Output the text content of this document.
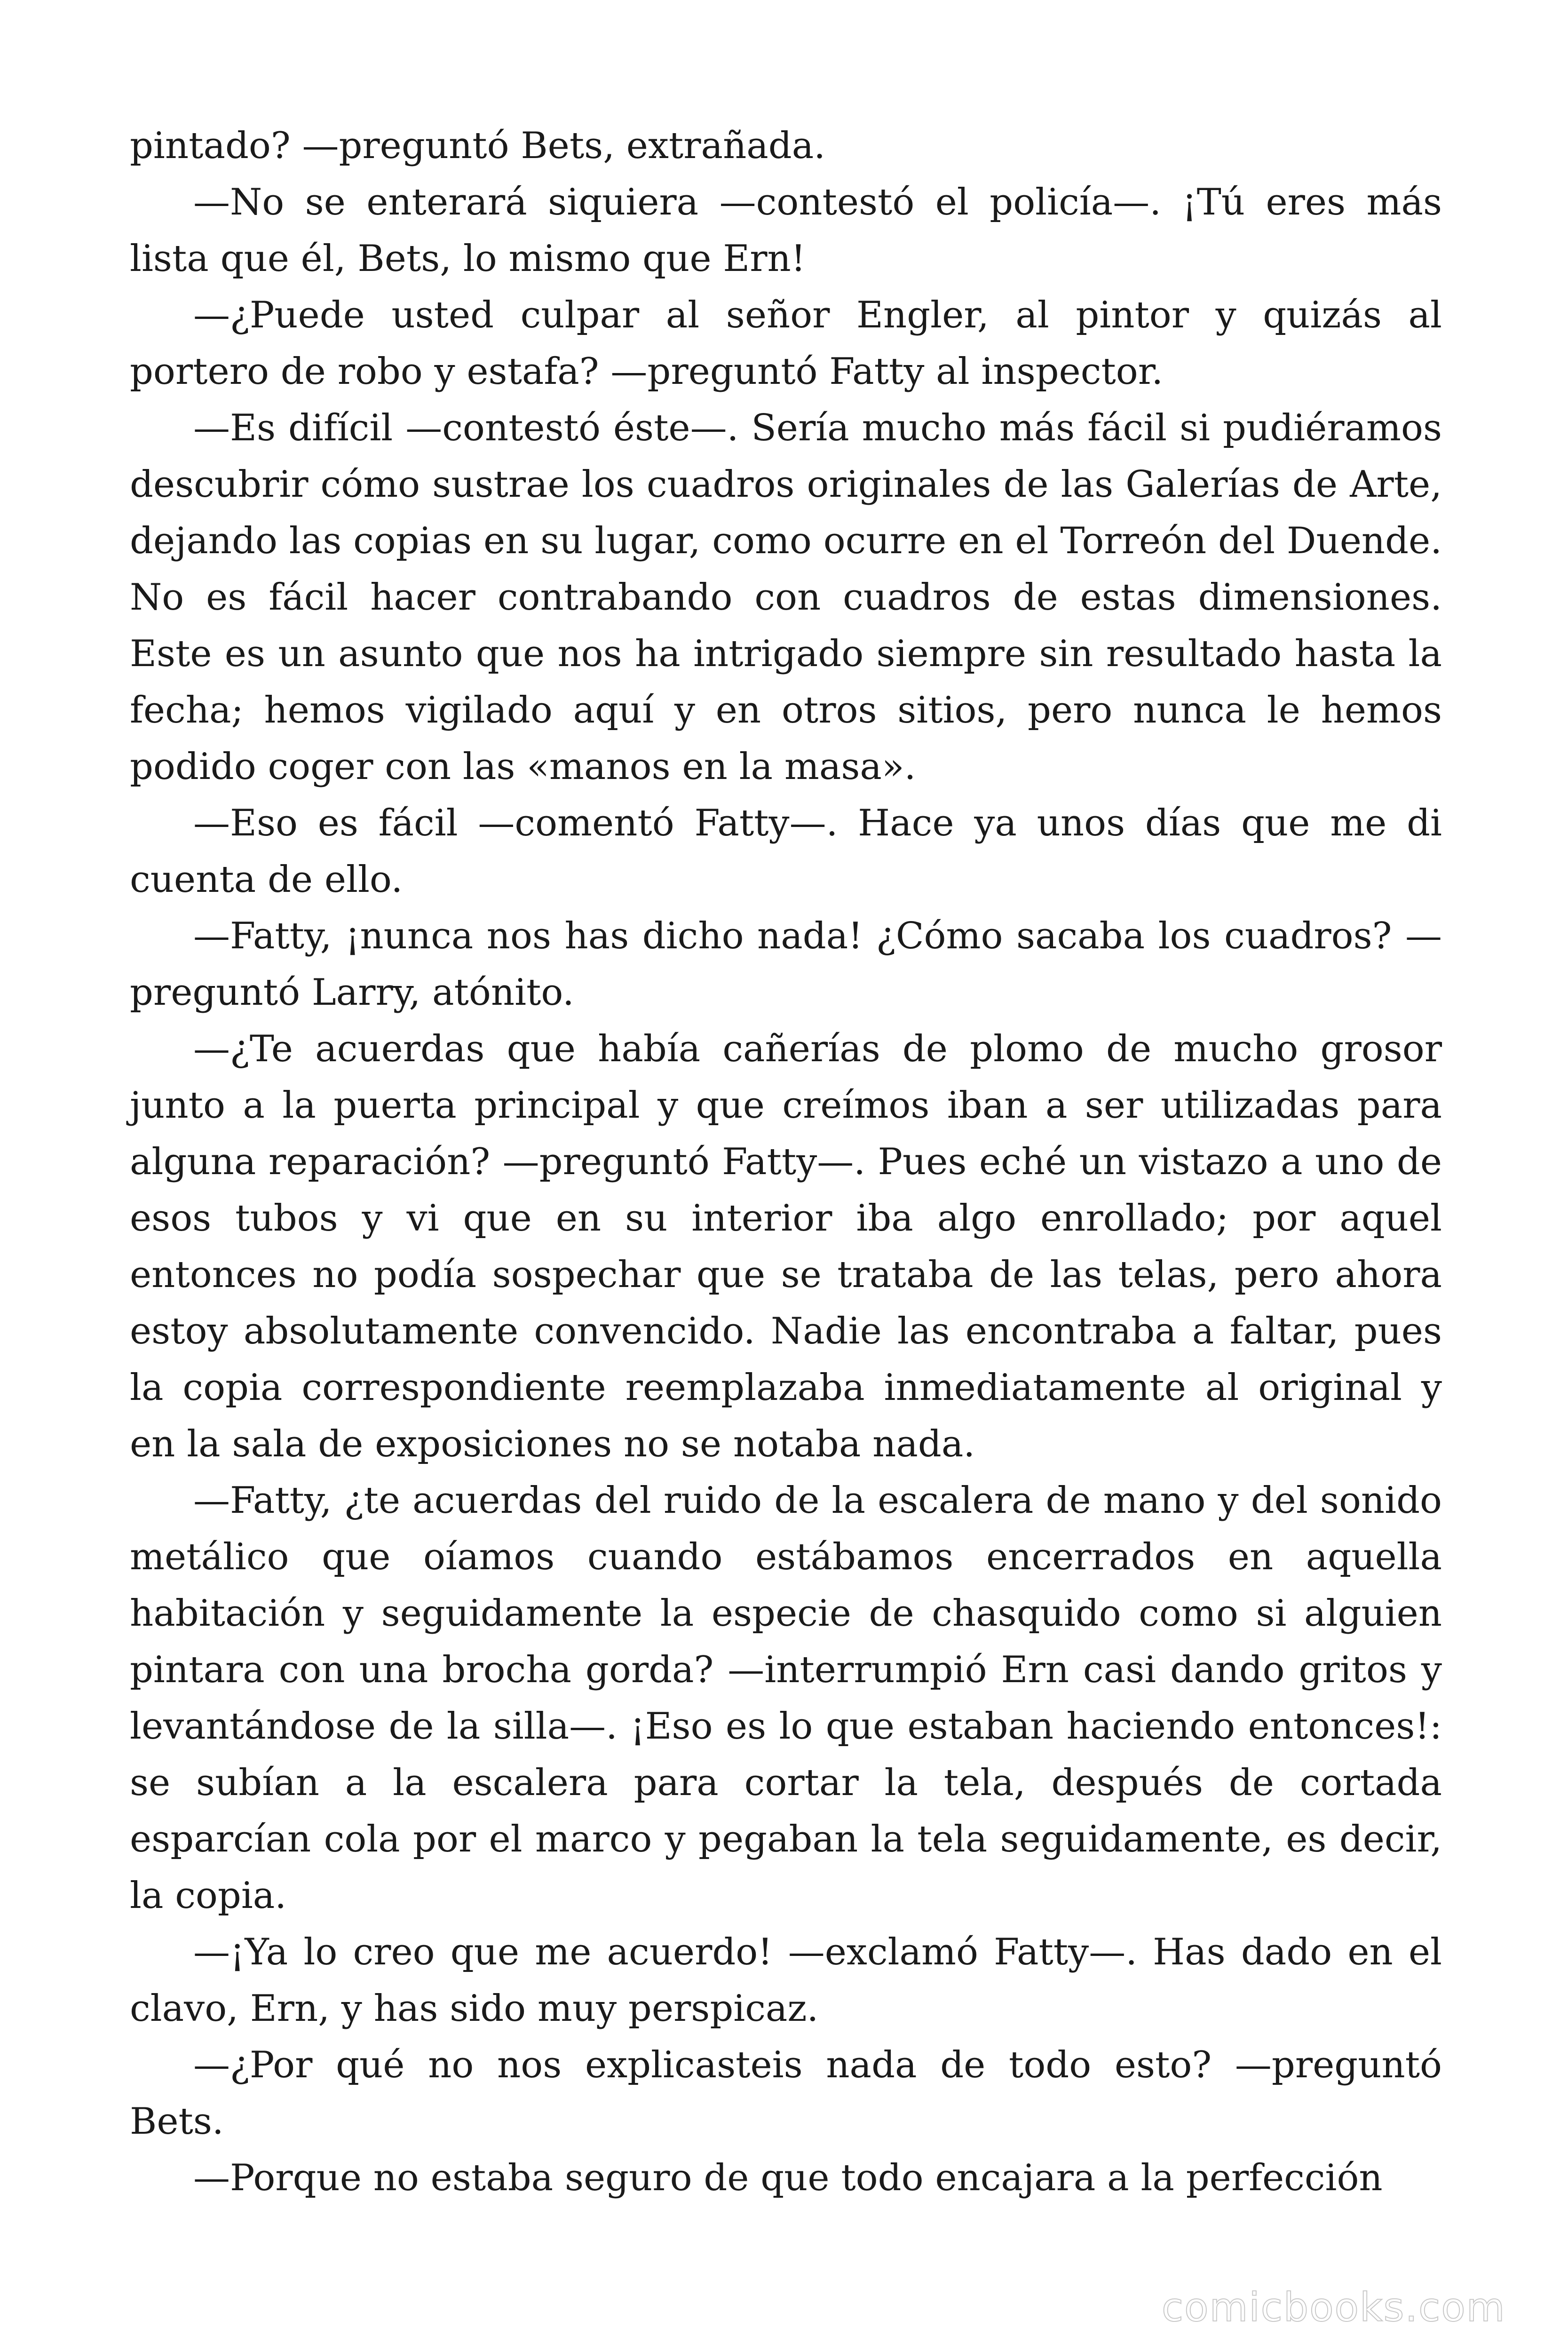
pintado? —preguntó Bets, extrañada.

—No se enterará siquiera —contestó el policía—. ¡Tú eres más lista que él, Bets, lo mismo que Ern!

—¿Puede usted culpar al señor Engler, al pintor y quizás al portero de robo y estafa? —preguntó Fatty al inspector.

—Es difícil —contestó éste—. Sería mucho más fácil si pudiéramos descubrir cómo sustrae los cuadros originales de las Galerías de Arte, dejando las copias en su lugar, como ocurre en el Torreón del Duende. No es fácil hacer contrabando con cuadros de estas dimensiones. Este es un asunto que nos ha intrigado siempre sin resultado hasta la fecha; hemos vigilado aquí y en otros sitios, pero nunca le hemos podido coger con las «manos en la masa».

—Eso es fácil —comentó Fatty—. Hace ya unos días que me di cuenta de ello.

—Fatty, ¡nunca nos has dicho nada! ¿Cómo sacaba los cuadros? —preguntó Larry, atónito.

—¿Te acuerdas que había cañerías de plomo de mucho grosor junto a la puerta principal y que creímos iban a ser utilizadas para alguna reparación? —preguntó Fatty—. Pues eché un vistazo a uno de esos tubos y vi que en su interior iba algo enrollado; por aquel entonces no podía sospechar que se trataba de las telas, pero ahora estoy absolutamente convencido. Nadie las encontraba a faltar, pues la copia correspondiente reemplazaba inmediatamente al original y en la sala de exposiciones no se notaba nada.

—Fatty, ¿te acuerdas del ruido de la escalera de mano y del sonido metálico que oíamos cuando estábamos encerrados en aquella habitación y seguidamente la especie de chasquido como si alguien pintara con una brocha gorda? —interrumpió Ern casi dando gritos y levantándose de la silla—. ¡Eso es lo que estaban haciendo entonces!: se subían a la escalera para cortar la tela, después de cortada esparcían cola por el marco y pegaban la tela seguidamente, es decir, la copia.

—¡Ya lo creo que me acuerdo! —exclamó Fatty—. Has dado en el clavo, Ern, y has sido muy perspicaz.

—¿Por qué no nos explicasteis nada de todo esto? —preguntó Bets.

—Porque no estaba seguro de que todo encajara a la perfección

comicbooks.com
